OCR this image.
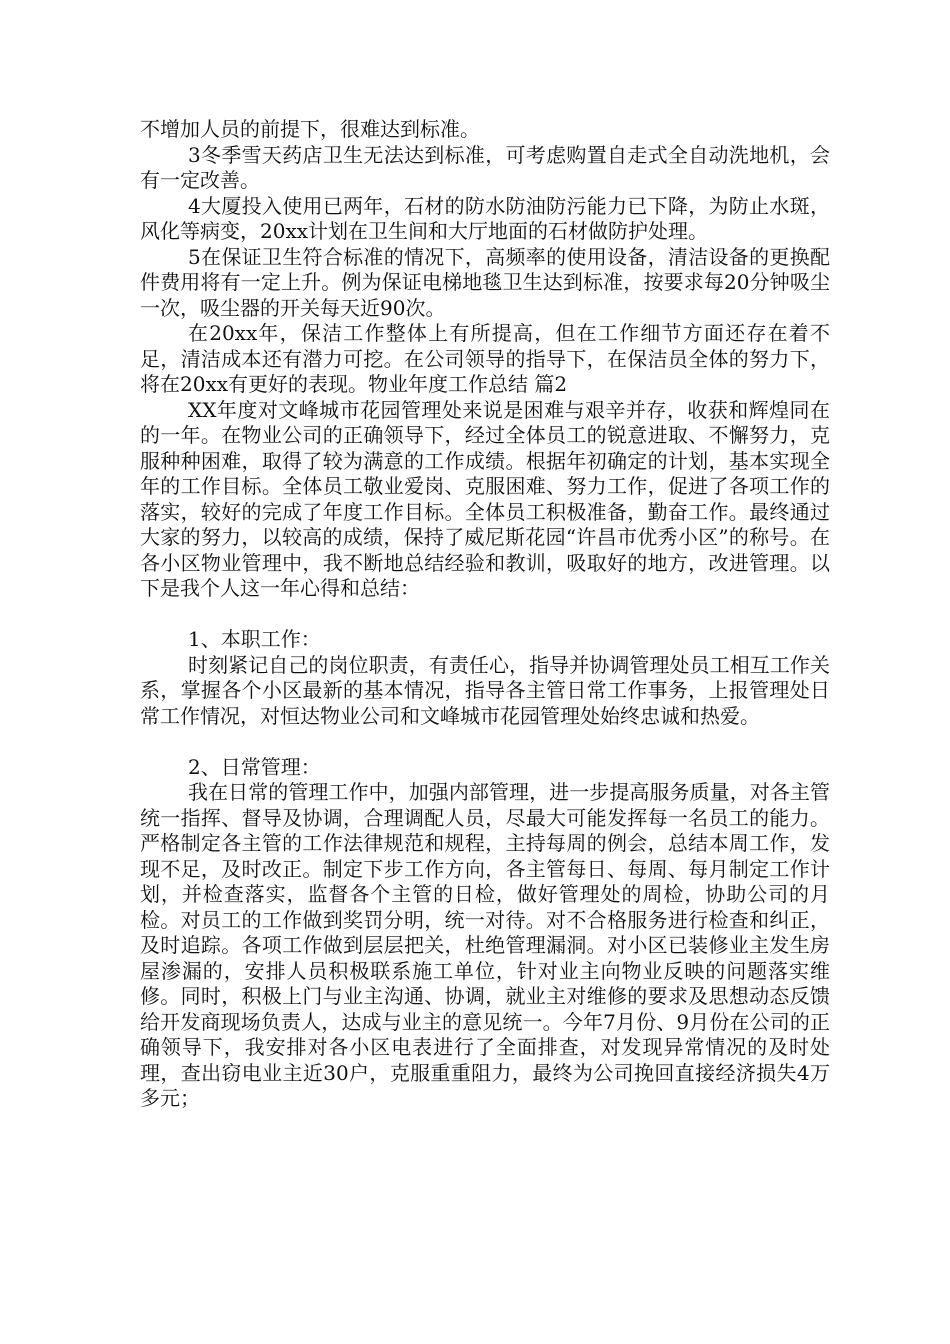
不增加人员的前提下，很难达到标准。

3冬季雪天药店卫生无法达到标准，可考虑购置自走式全自动洗地机，会有一定改善。

4大厦投入使用已两年，石材的防水防油防污能力已下降，为防止水斑，风化等病变，20xx计划在卫生间和大厅地面的石材做防护处理。

5在保证卫生符合标准的情况下，高频率的使用设备，清洁设备的更换配件费用将有一定上升。例为保证电梯地毯卫生达到标准，按要求每20分钟吸尘一次，吸尘器的开关每天近90次。

在20xx年，保洁工作整体上有所提高，但在工作细节方面还存在着不足，清洁成本还有潜力可挖。在公司领导的指导下，在保洁员全体的努力下，将在20xx有更好的表现。物业年度工作总结 篇2

XX年度对文峰城市花园管理处来说是困难与艰辛并存，收获和辉煌同在的一年。在物业公司的正确领导下，经过全体员工的锐意进取、不懈努力，克服种种困难，取得了较为满意的工作成绩。根据年初确定的计划，基本实现全年的工作目标。全体员工敬业爱岗、克服困难、努力工作，促进了各项工作的落实，较好的完成了年度工作目标。全体员工积极准备，勤奋工作。最终通过大家的努力，以较高的成绩，保持了威尼斯花园“许昌市优秀小区”的称号。在各小区物业管理中，我不断地总结经验和教训，吸取好的地方，改进管理。以下是我个人这一年心得和总结：

1、本职工作：

时刻紧记自己的岗位职责，有责任心，指导并协调管理处员工相互工作关系，掌握各个小区最新的基本情况，指导各主管日常工作事务，上报管理处日常工作情况，对恒达物业公司和文峰城市花园管理处始终忠诚和热爱。

2、日常管理：

我在日常的管理工作中，加强内部管理，进一步提高服务质量，对各主管统一指挥、督导及协调，合理调配人员，尽最大可能发挥每一名员工的能力。严格制定各主管的工作法律规范和规程，主持每周的例会，总结本周工作，发现不足，及时改正。制定下步工作方向，各主管每日、每周、每月制定工作计划，并检查落实，监督各个主管的日检，做好管理处的周检，协助公司的月检。对员工的工作做到奖罚分明，统一对待。对不合格服务进行检查和纠正，及时追踪。各项工作做到层层把关，杜绝管理漏洞。对小区已装修业主发生房屋渗漏的，安排人员积极联系施工单位，针对业主向物业反映的问题落实维修。同时，积极上门与业主沟通、协调，就业主对维修的要求及思想动态反馈给开发商现场负责人，达成与业主的意见统一。今年7月份、9月份在公司的正确领导下，我安排对各小区电表进行了全面排查，对发现异常情况的及时处理，查出窃电业主近30户，克服重重阻力，最终为公司挽回直接经济损失4万多元；
